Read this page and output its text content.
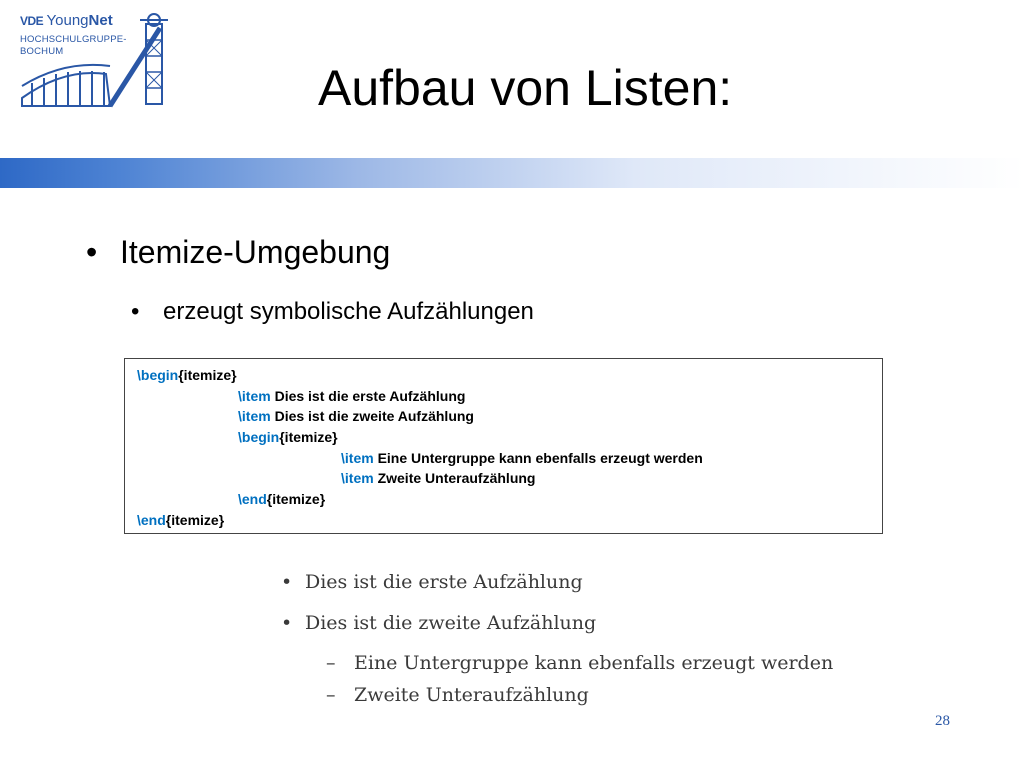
VDE YoungNet
HOCHSCHULGRUPPE-
BOCHUM
Aufbau von Listen:
• Itemize-Umgebung
• erzeugt symbolische Aufzählungen
\begin{itemize}
\item Dies ist die erste Aufzählung
\item Dies ist die zweite Aufzählung
\begin{itemize}
\item Eine Untergruppe kann ebenfalls erzeugt werden
\item Zweite Unteraufzählung
\end{itemize}
\end{itemize}
• Dies ist die erste Aufzählung
• Dies ist die zweite Aufzählung
– Eine Untergruppe kann ebenfalls erzeugt werden
– Zweite Unteraufzählung
28
